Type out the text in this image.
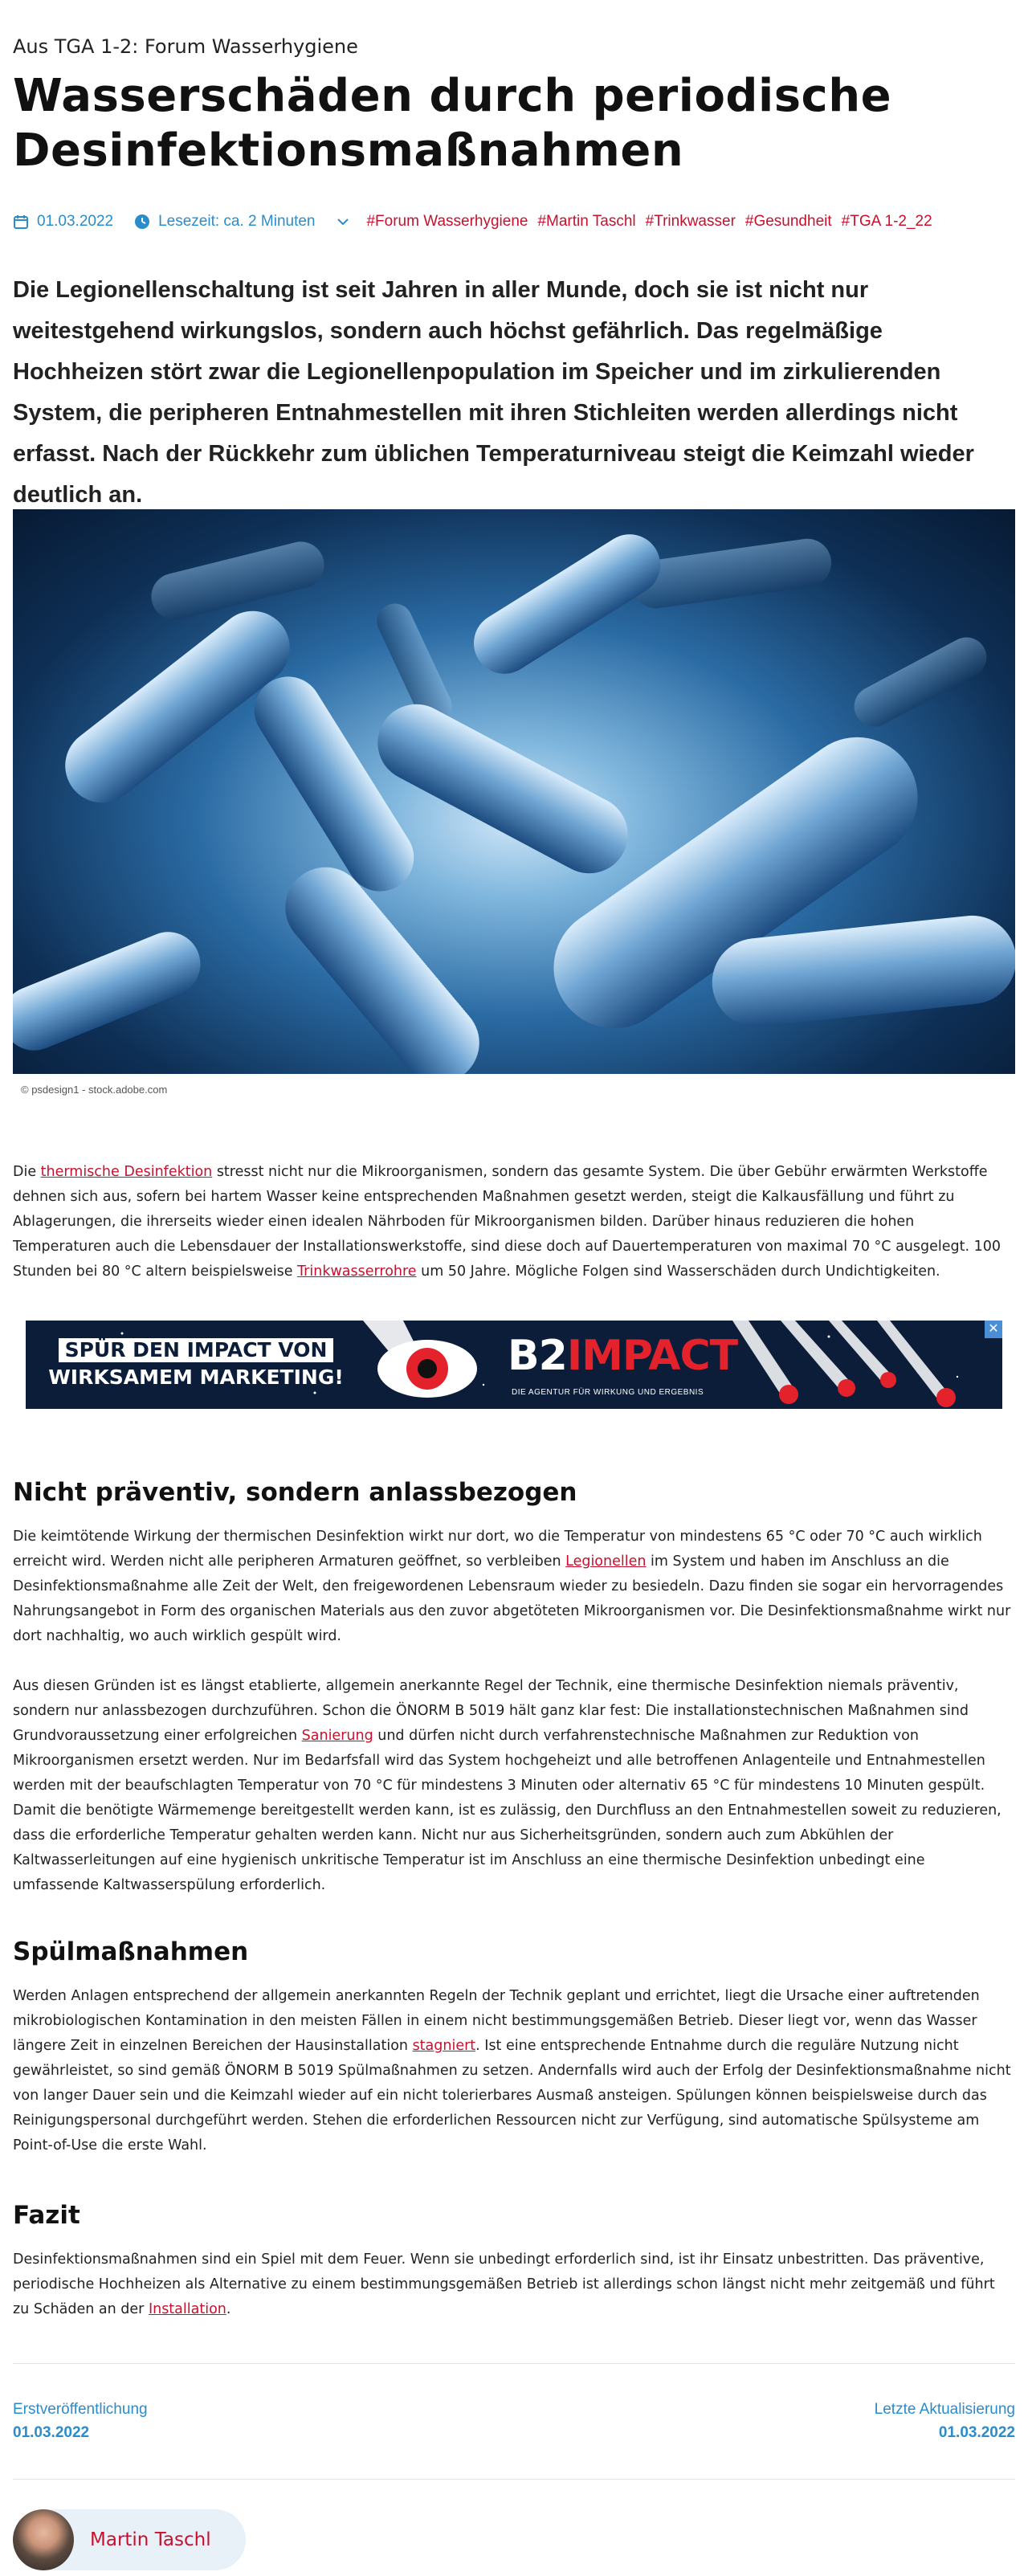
Aus TGA 1-2: Forum Wasserhygiene
Wasserschäden durch periodische Desinfektionsmaßnahmen
01.03.2022	Lesezeit: ca. 2 Minuten	#Forum Wasserhygiene #Martin Taschl #Trinkwasser #Gesundheit #TGA 1-2_22

Die Legionellenschaltung ist seit Jahren in aller Munde, doch sie ist nicht nur weitestgehend wirkungslos, sondern auch höchst gefährlich. Das regelmäßige Hochheizen stört zwar die Legionellenpopulation im Speicher und im zirkulierenden System, die peripheren Entnahmestellen mit ihren Stichleiten werden allerdings nicht erfasst. Nach der Rückkehr zum üblichen Temperaturniveau steigt die Keimzahl wieder deutlich an.

© psdesign1 - stock.adobe.com

Die thermische Desinfektion stresst nicht nur die Mikroorganismen, sondern das gesamte System. Die über Gebühr erwärmten Werkstoffe dehnen sich aus, sofern bei hartem Wasser keine entsprechenden Maßnahmen gesetzt werden, steigt die Kalkausfällung und führt zu Ablagerungen, die ihrerseits wieder einen idealen Nährboden für Mikroorganismen bilden. Darüber hinaus reduzieren die hohen Temperaturen auch die Lebensdauer der Installationswerkstoffe, sind diese doch auf Dauertemperaturen von maximal 70 °C ausgelegt. 100 Stunden bei 80 °C altern beispielsweise Trinkwasserrohre um 50 Jahre. Mögliche Folgen sind Wasserschäden durch Undichtigkeiten.

SPÜR DEN IMPACT VON
WIRKSAMEM MARKETING!	B2IMPACT
DIE AGENTUR FÜR WIRKUNG UND ERGEBNIS
✕
Nicht präventiv, sondern anlassbezogen

Die keimtötende Wirkung der thermischen Desinfektion wirkt nur dort, wo die Temperatur von mindestens 65 °C oder 70 °C auch wirklich erreicht wird. Werden nicht alle peripheren Armaturen geöffnet, so verbleiben Legionellen im System und haben im Anschluss an die Desinfektionsmaßnahme alle Zeit der Welt, den freigewordenen Lebensraum wieder zu besiedeln. Dazu finden sie sogar ein hervorragendes Nahrungsangebot in Form des organischen Materials aus den zuvor abgetöteten Mikroorganismen vor. Die Desinfektionsmaßnahme wirkt nur dort nachhaltig, wo auch wirklich gespült wird.

Aus diesen Gründen ist es längst etablierte, allgemein anerkannte Regel der Technik, eine thermische Desinfektion niemals präventiv, sondern nur anlassbezogen durchzuführen. Schon die ÖNORM B 5019 hält ganz klar fest: Die installationstechnischen Maßnahmen sind Grundvoraussetzung einer erfolgreichen Sanierung und dürfen nicht durch verfahrenstechnische Maßnahmen zur Reduktion von Mikroorganismen ersetzt werden. Nur im Bedarfsfall wird das System hochgeheizt und alle betroffenen Anlagenteile und Entnahmestellen werden mit der beaufschlagten Temperatur von 70 °C für mindestens 3 Minuten oder alternativ 65 °C für mindestens 10 Minuten gespült. Damit die benötigte Wärmemenge bereitgestellt werden kann, ist es zulässig, den Durchfluss an den Entnahmestellen soweit zu reduzieren, dass die erforderliche Temperatur gehalten werden kann. Nicht nur aus Sicherheitsgründen, sondern auch zum Abkühlen der Kaltwasserleitungen auf eine hygienisch unkritische Temperatur ist im Anschluss an eine thermische Desinfektion unbedingt eine umfassende Kaltwasserspülung erforderlich.

Spülmaßnahmen

Werden Anlagen entsprechend der allgemein anerkannten Regeln der Technik geplant und errichtet, liegt die Ursache einer auftretenden mikrobiologischen Kontamination in den meisten Fällen in einem nicht bestimmungsgemäßen Betrieb. Dieser liegt vor, wenn das Wasser längere Zeit in einzelnen Bereichen der Hausinstallation stagniert. Ist eine entsprechende Entnahme durch die reguläre Nutzung nicht gewährleistet, so sind gemäß ÖNORM B 5019 Spülmaßnahmen zu setzen. Andernfalls wird auch der Erfolg der Desinfektionsmaßnahme nicht von langer Dauer sein und die Keimzahl wieder auf ein nicht tolerierbares Ausmaß ansteigen. Spülungen können beispielsweise durch das Reinigungspersonal durchgeführt werden. Stehen die erforderlichen Ressourcen nicht zur Verfügung, sind automatische Spülsysteme am Point-of-Use die erste Wahl.

Fazit

Desinfektionsmaßnahmen sind ein Spiel mit dem Feuer. Wenn sie unbedingt erforderlich sind, ist ihr Einsatz unbestritten. Das präventive, periodische Hochheizen als Alternative zu einem bestimmungsgemäßen Betrieb ist allerdings schon längst nicht mehr zeitgemäß und führt zu Schäden an der Installation.

Erstveröffentlichung
01.03.2022
Letzte Aktualisierung
01.03.2022
Martin Taschl
